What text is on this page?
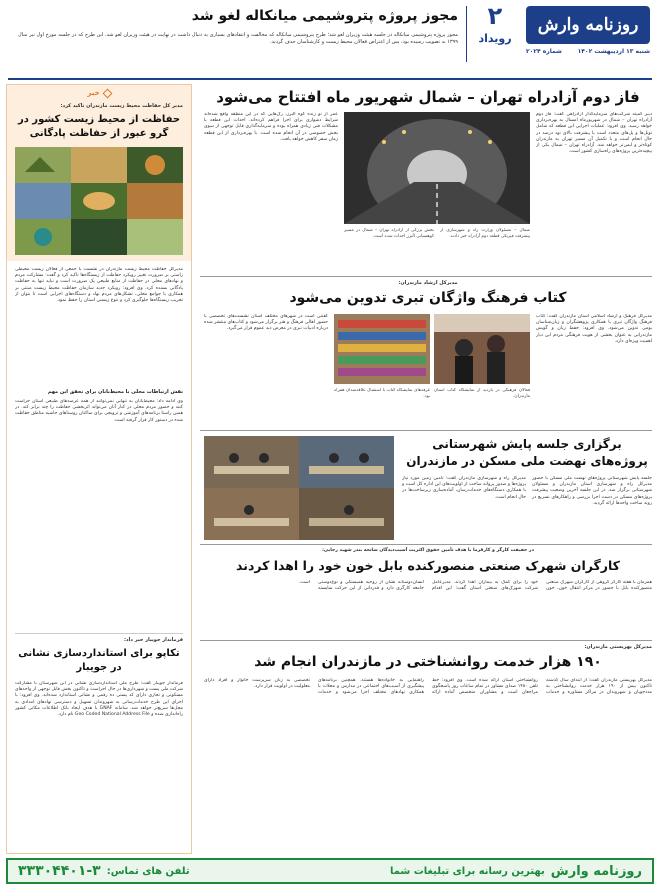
روزنامه وارش
شنبه ۱۳ اردیبهشت ۱۴۰۲
شماره ۲۰۲۴
۲
رویداد
مجوز پروژه پتروشیمی میانکاله لغو شد
مجوز پروژه پتروشیمی میانکاله در جلسه هیئت وزیران لغو شد؛ طرح پتروشیمی میانکاله که مخالفت و انتقادهای بسیاری به دنبال داشت در نهایت در هیئت وزیران لغو شد. این طرح که در جلسه مورخ اول تیر سال ۱۳۹۹ به تصویب رسیده بود، پس از اعتراض فعالان محیط زیست و کارشناسان حذف گردید.
خبر
مدیر کل حفاظت محیط زیست مازندران تاکید کرد:
حفاظت از محیط زیست کشور در گرو عبور از حفاظت پادگانی
مدیرکل حفاظت محیط زیست مازندران در نشست با جمعی از فعالان زیست محیطی راستی بر ضرورت تغییر رویکرد حفاظت از زیستگاه‌ها تاکید کرد و گفت: مشارکت مردم و نهادهای محلی در حفاظت از منابع طبیعی یک ضرورت است و نباید تنها به حفاظت پادگانی بسنده کرد. وی افزود: رویکرد جدید سازمان حفاظت محیط زیست مبتنی بر همکاری با جوامع محلی، تشکل‌های مردم نهاد و دستگاه‌های اجرایی است تا بتوان از تخریب زیستگاه‌ها جلوگیری کرد و تنوع زیستی استان را حفظ نمود.
نقش ارتباطات محلی با محیط‌بانان برای تحقق این مهم
وی ادامه داد: محیط‌بانان به تنهایی نمی‌توانند از همه عرصه‌های طبیعی استان حراست کنند و حضور مردم محلی در کنار آنان می‌تواند اثربخشی حفاظت را چند برابر کند. در همین راستا برنامه‌های آموزشی و ترویجی برای ساکنان روستاهای حاشیه مناطق حفاظت شده در دستور کار قرار گرفته است.
فرماندار جویبار خبر داد:
تکاپو برای استانداردسازی نشانی در جویبار
فرماندار جویبار گفت: طرح ملی استانداردسازی نشانی در این شهرستان با مشارکت شرکت ملی پست و شهرداری‌ها در حال اجراست و تاکنون بخش قابل توجهی از واحدهای مسکونی و تجاری دارای کد پستی ده رقمی و نشانی استاندارد شده‌اند. وی افزود: با اجرای این طرح خدمات‌رسانی به شهروندان تسهیل و دسترسی نهادهای امدادی به محل‌ها سریع‌تر خواهد شد. سامانه GNAF با هدف ایجاد بانک اطلاعات مکانی کشور راه‌اندازی شده و Geo Coded National Address File نام دارد.
فاز دوم آزادراه تهران – شمال شهریور ماه افتتاح می‌شود
دبیر کمیته شرکت‌های سرمایه‌گذار آزادراهی گفت: فاز دوم آزادراه تهران – شمال در شهریورماه امسال به بهره‌برداری خواهد رسید. وی افزود: عملیات اجرایی این قطعه که شامل تونل‌ها و پل‌های متعدد است با پیشرفت بالای نود درصد در حال انجام است و با تکمیل آن مسیر تهران به مازندران کوتاه‌تر و ایمن‌تر خواهد شد. آزادراه تهران – شمال یکی از پیچیده‌ترین پروژه‌های راه‌سازی کشور است.
شمال – مسئولان وزارت راه و شهرسازی از پیشرفت فیزیکی قطعه دوم آزادراه خبر دادند.
بخش بزرگی از آزادراه تهران – شمال در مسیر کوهستانی البرز احداث شده است.
عمر از نو زنده کوه البرز، رگ‌هایی که در این منطقه واقع شده‌اند شرایط دشواری برای اجرا فراهم کرده‌اند. احداث این قطعه با مشکلات فنی زیادی همراه بوده و سرمایه‌گذاری قابل توجهی از سوی بخش خصوصی در آن انجام شده است. با بهره‌برداری از این قطعه زمان سفر کاهش خواهد یافت.
مدیرکل ارشاد مازندران:
کتاب فرهنگ واژگان تبری تدوین می‌شود
مدیرکل فرهنگ و ارشاد اسلامی استان مازندران گفت: کتاب فرهنگ واژگان تبری با همکاری پژوهشگران و زبان‌شناسان بومی تدوین می‌شود. وی افزود: حفظ زبان و گویش مازندرانی به عنوان بخشی از هویت فرهنگی مردم این دیار اهمیت ویژه‌ای دارد.
فعالان فرهنگی در بازدید از نمایشگاه کتاب استان مازندران.
غرفه‌های نمایشگاه کتاب با استقبال علاقه‌مندان همراه بود.
گفتنی است در شهرهای مختلف استان نشست‌های تخصصی با حضور اهالی فرهنگ و هنر برگزار می‌شود و کتاب‌های منتشر شده درباره ادبیات تبری در معرض دید عموم قرار می‌گیرد.
برگزاری جلسه پایش شهرستانی پروژه‌های نهضت ملی مسکن در مازندران
جلسه پایش شهرستانی پروژه‌های نهضت ملی مسکن با حضور مدیرکل راه و شهرسازی استان مازندران و مسئولان شهرستانی برگزار شد. در این جلسه آخرین وضعیت پیشرفت پروژه‌های مسکن در دست اجرا بررسی و راهکارهای تسریع در روند ساخت واحدها ارائه گردید.
مدیرکل راه و شهرسازی مازندران گفت: تأمین زمین مورد نیاز پروژه‌ها و صدور پروانه ساخت از اولویت‌های این اداره کل است و با همکاری دستگاه‌های خدمات‌رسان، آماده‌سازی زیرساخت‌ها در حال انجام است.
در حقیقت کارگر و کارفرما با هدف تأمین حقوق اکثریت آسیب‌دیدگان سانحه بندر شهید رجایی:
کارگران شهرک صنعتی منصورکنده بابل خون خود را اهدا کردند
همزمان با هفته کارگر گروهی از کارگران شهرک صنعتی منصورکنده بابل با حضور در مرکز انتقال خون، خون خود را برای کمک به بیماران اهدا کردند. مدیرعامل شرکت شهرک‌های صنعتی استان گفت: این اقدام انسان‌دوستانه نشان از روحیه همبستگی و نوع‌دوستی جامعه کارگری دارد و قدردانی از این حرکت شایسته است.
مدیرکل بهزیستی مازندران:
۱۹۰ هزار خدمت روانشناختی در مازندران انجام شد
مدیرکل بهزیستی مازندران گفت: از ابتدای سال گذشته تاکنون بیش از ۱۹۰ هزار خدمت روانشناختی به مددجویان و شهروندان در مراکز مشاوره و خدمات روانشناختی استان ارائه شده است. وی افزود: خط تلفن ۱۴۸۰ صدای مشاور در تمام ساعات روز پاسخگوی مراجعان است و مشاوران متخصص آماده ارائه راهنمایی به خانواده‌ها هستند. همچنین برنامه‌های پیشگیری از آسیب‌های اجتماعی در مدارس و محلات با همکاری نهادهای مختلف اجرا می‌شود و خدمات تخصصی به زنان سرپرست خانوار و افراد دارای معلولیت در اولویت قرار دارد.
روزنامه وارش
بهترین رسانه برای تبلیغات شما
تلفن های تماس:
۳۳۳۰۴۴۰۱-۳
